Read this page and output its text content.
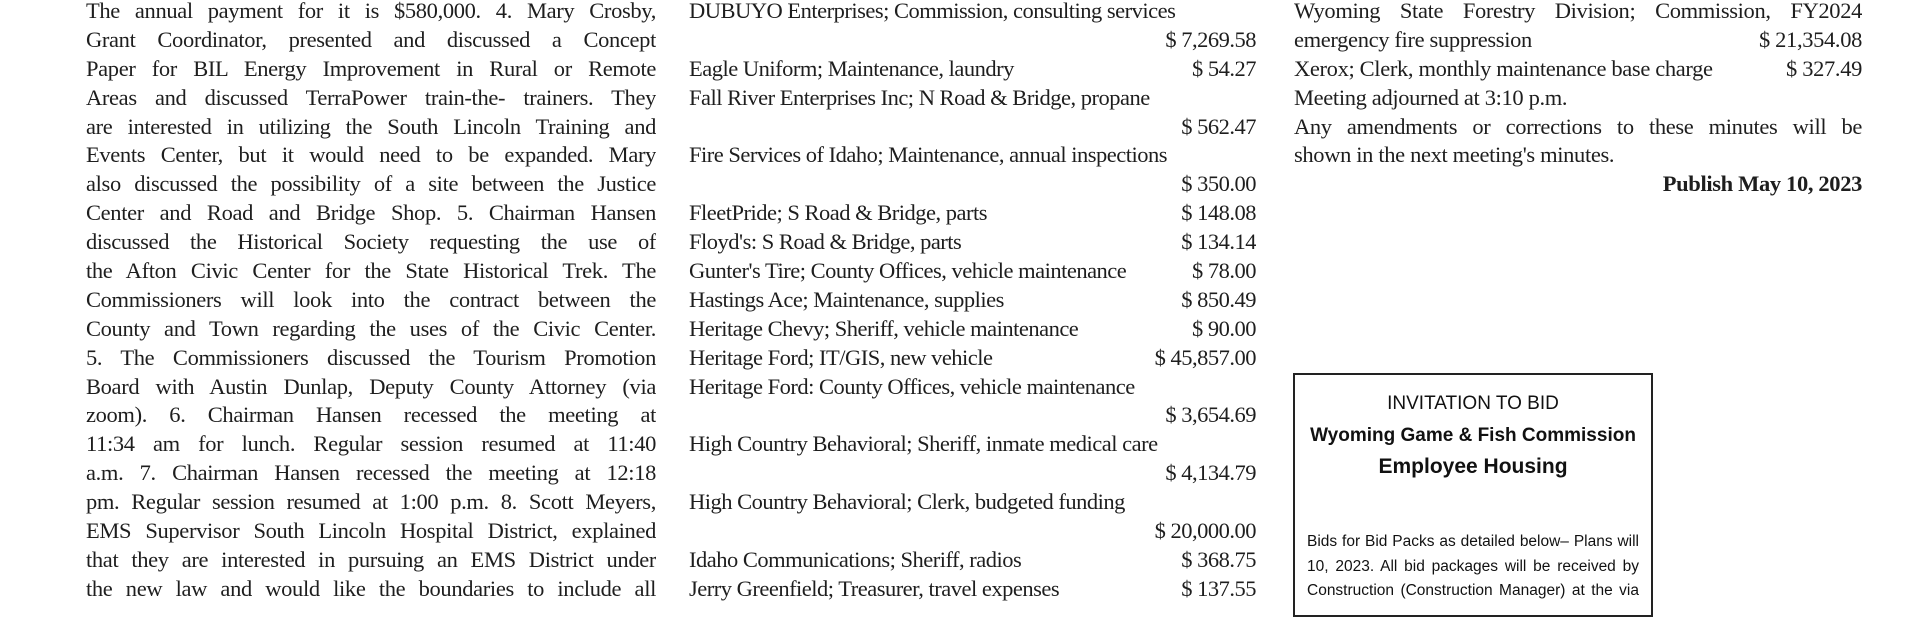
The annual payment for it is $580,000. 4. Mary Crosby,
Grant Coordinator, presented and discussed a Concept
Paper for BIL Energy Improvement in Rural or Remote
Areas and discussed TerraPower train-the- trainers. They
are interested in utilizing the South Lincoln Training and
Events Center, but it would need to be expanded. Mary
also discussed the possibility of a site between the Justice
Center and Road and Bridge Shop. 5. Chairman Hansen
discussed the Historical Society requesting the use of
the Afton Civic Center for the State Historical Trek. The
Commissioners will look into the contract between the
County and Town regarding the uses of the Civic Center.
5. The Commissioners discussed the Tourism Promotion
Board with Austin Dunlap, Deputy County Attorney (via
zoom). 6. Chairman Hansen recessed the meeting at
11:34 am for lunch. Regular session resumed at 11:40
a.m. 7. Chairman Hansen recessed the meeting at 12:18
pm. Regular session resumed at 1:00 p.m. 8. Scott Meyers,
EMS Supervisor South Lincoln Hospital District, explained
that they are interested in pursuing an EMS District under
the new law and would like the boundaries to include all
DUBUYO Enterprises; Commission, consulting services
$ 7,269.58
Eagle Uniform; Maintenance, laundry	$ 54.27
Fall River Enterprises Inc; N Road & Bridge, propane
$ 562.47
Fire Services of Idaho; Maintenance, annual inspections
$ 350.00
FleetPride; S Road & Bridge, parts	$ 148.08
Floyd's: S Road & Bridge, parts	$ 134.14
Gunter's Tire; County Offices, vehicle maintenance	$ 78.00
Hastings Ace; Maintenance, supplies	$ 850.49
Heritage Chevy; Sheriff, vehicle maintenance	$ 90.00
Heritage Ford; IT/GIS, new vehicle	$ 45,857.00
Heritage Ford: County Offices, vehicle maintenance
$ 3,654.69
High Country Behavioral; Sheriff, inmate medical care
$ 4,134.79
High Country Behavioral; Clerk, budgeted funding
$ 20,000.00
Idaho Communications; Sheriff, radios	$ 368.75
Jerry Greenfield; Treasurer, travel expenses	$ 137.55
Wyoming State Forestry Division; Commission, FY2024
emergency fire suppression	$ 21,354.08
Xerox; Clerk, monthly maintenance base charge	$ 327.49
Meeting adjourned at 3:10 p.m.
Any amendments or corrections to these minutes will be
shown in the next meeting's minutes.
Publish May 10, 2023
INVITATION TO BID
Wyoming Game & Fish Commission
Employee Housing
Bids for Bid Packs as detailed below– Plans will
10, 2023. All bid packages will be received by
Construction (Construction Manager) at the via
